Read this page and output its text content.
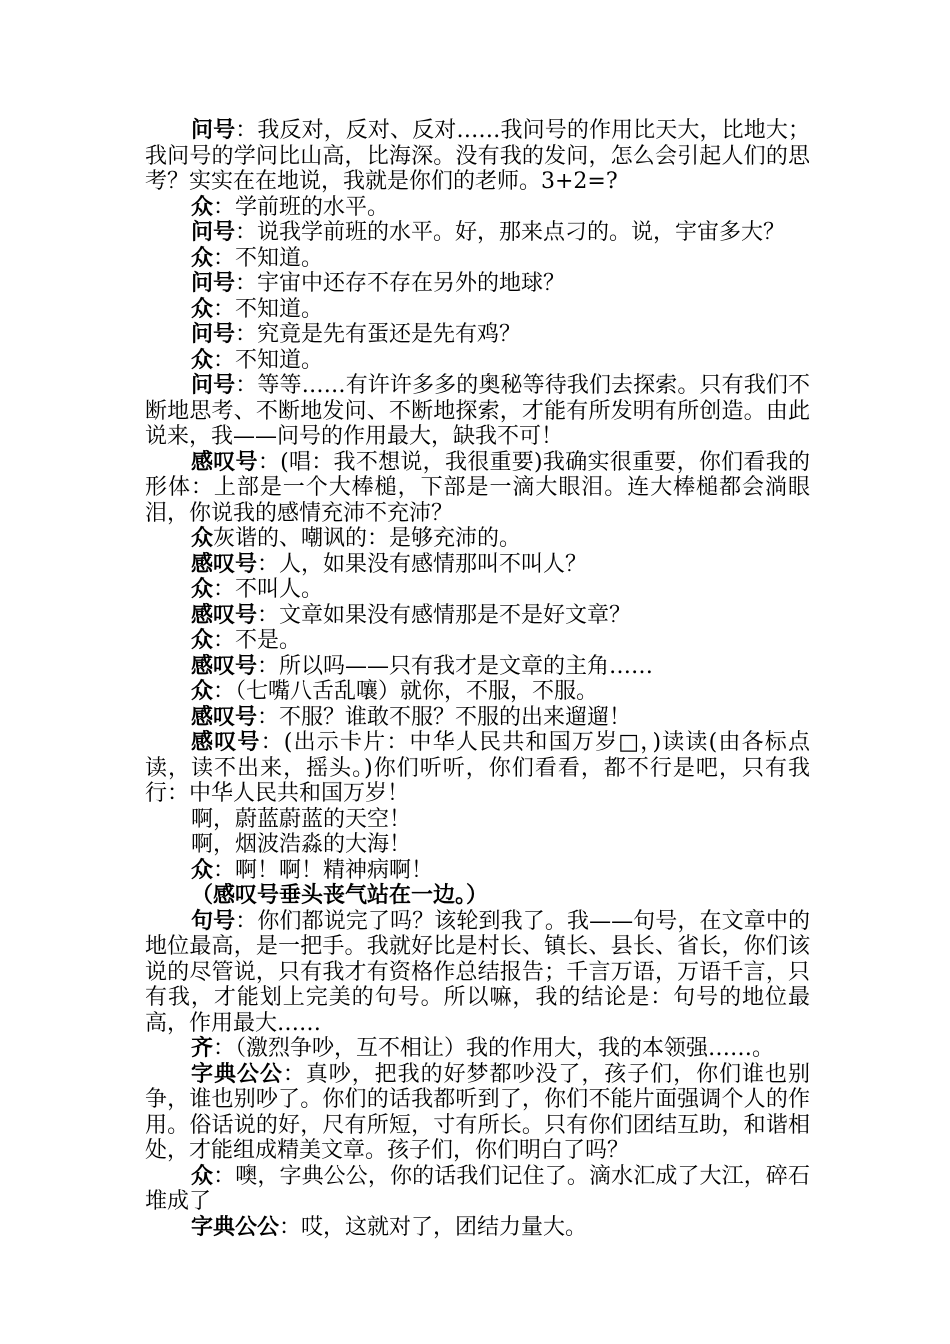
问号：我反对，反对、反对……我问号的作用比天大，比地大；我问号的学问比山高，比海深。没有我的发问，怎么会引起人们的思考？实实在在地说，我就是你们的老师。3+2=?

众：学前班的水平。

问号：说我学前班的水平。好，那来点刁的。说，宇宙多大？

众：不知道。

问号：宇宙中还存不存在另外的地球？

众：不知道。

问号：究竟是先有蛋还是先有鸡？

众：不知道。

问号：等等……有许许多多的奥秘等待我们去探索。只有我们不断地思考、不断地发问、不断地探索，才能有所发明有所创造。由此说来，我——问号的作用最大，缺我不可！

感叹号：(唱：我不想说，我很重要)我确实很重要，你们看我的形体：上部是一个大棒槌，下部是一滴大眼泪。连大棒槌都会淌眼泪，你说我的感情充沛不充沛？

众灰谐的、嘲讽的：是够充沛的。

感叹号：人，如果没有感情那叫不叫人？

众：不叫人。

感叹号：文章如果没有感情那是不是好文章？

众：不是。

感叹号：所以吗——只有我才是文章的主角……

众：（七嘴八舌乱嚷）就你，不服，不服。

感叹号：不服？谁敢不服？不服的出来遛遛！

感叹号：(出示卡片：中华人民共和国万岁□，)读读(由各标点读，读不出来，摇头。)你们听听，你们看看，都不行是吧，只有我行：中华人民共和国万岁！

啊，蔚蓝蔚蓝的天空！

啊，烟波浩淼的大海！

众：啊！啊！精神病啊！

（感叹号垂头丧气站在一边。）

句号：你们都说完了吗？该轮到我了。我——句号，在文章中的地位最高，是一把手。我就好比是村长、镇长、县长、省长，你们该说的尽管说，只有我才有资格作总结报告；千言万语，万语千言，只有我，才能划上完美的句号。所以嘛，我的结论是：句号的地位最高，作用最大……

齐：（激烈争吵，互不相让）我的作用大，我的本领强……。

字典公公：真吵，把我的好梦都吵没了，孩子们，你们谁也别争，谁也别吵了。你们的话我都听到了，你们不能片面强调个人的作用。俗话说的好，尺有所短，寸有所长。只有你们团结互助，和谐相处，才能组成精美文章。孩子们，你们明白了吗？

众：噢，字典公公，你的话我们记住了。滴水汇成了大江，碎石堆成了

字典公公：哎，这就对了，团结力量大。
